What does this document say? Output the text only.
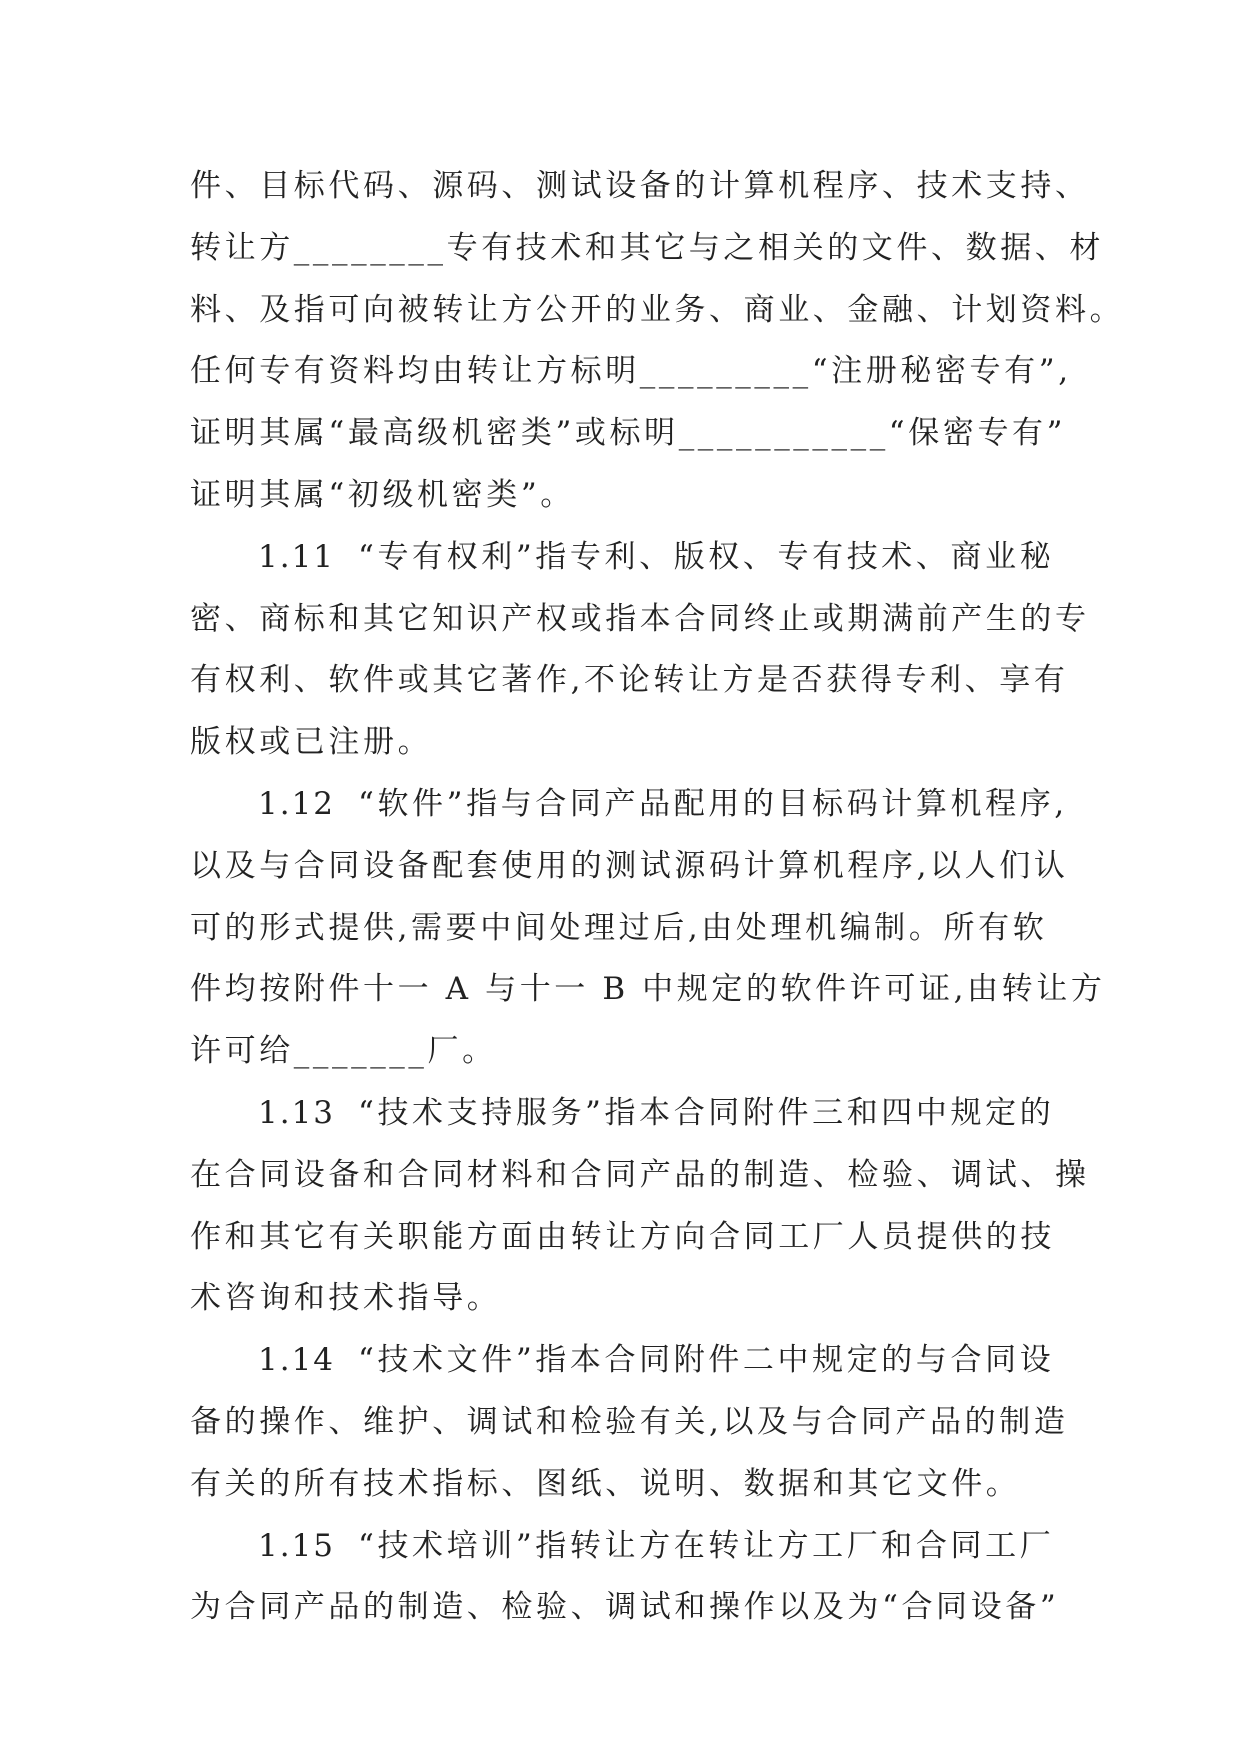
件、目标代码、源码、测试设备的计算机程序、技术支持、
转让方________专有技术和其它与之相关的文件、数据、材
料、及指可向被转让方公开的业务、商业、金融、计划资料。
任何专有资料均由转让方标明_________“注册秘密专有”,
证明其属“最高级机密类”或标明___________“保密专有”
证明其属“初级机密类”。
1.11 “专有权利”指专利、版权、专有技术、商业秘
密、商标和其它知识产权或指本合同终止或期满前产生的专
有权利、软件或其它著作,不论转让方是否获得专利、享有
版权或已注册。
1.12 “软件”指与合同产品配用的目标码计算机程序,
以及与合同设备配套使用的测试源码计算机程序,以人们认
可的形式提供,需要中间处理过后,由处理机编制。所有软
件均按附件十一 A 与十一 B 中规定的软件许可证,由转让方
许可给_______厂。
1.13 “技术支持服务”指本合同附件三和四中规定的
在合同设备和合同材料和合同产品的制造、检验、调试、操
作和其它有关职能方面由转让方向合同工厂人员提供的技
术咨询和技术指导。
1.14 “技术文件”指本合同附件二中规定的与合同设
备的操作、维护、调试和检验有关,以及与合同产品的制造
有关的所有技术指标、图纸、说明、数据和其它文件。
1.15 “技术培训”指转让方在转让方工厂和合同工厂
为合同产品的制造、检验、调试和操作以及为“合同设备”
